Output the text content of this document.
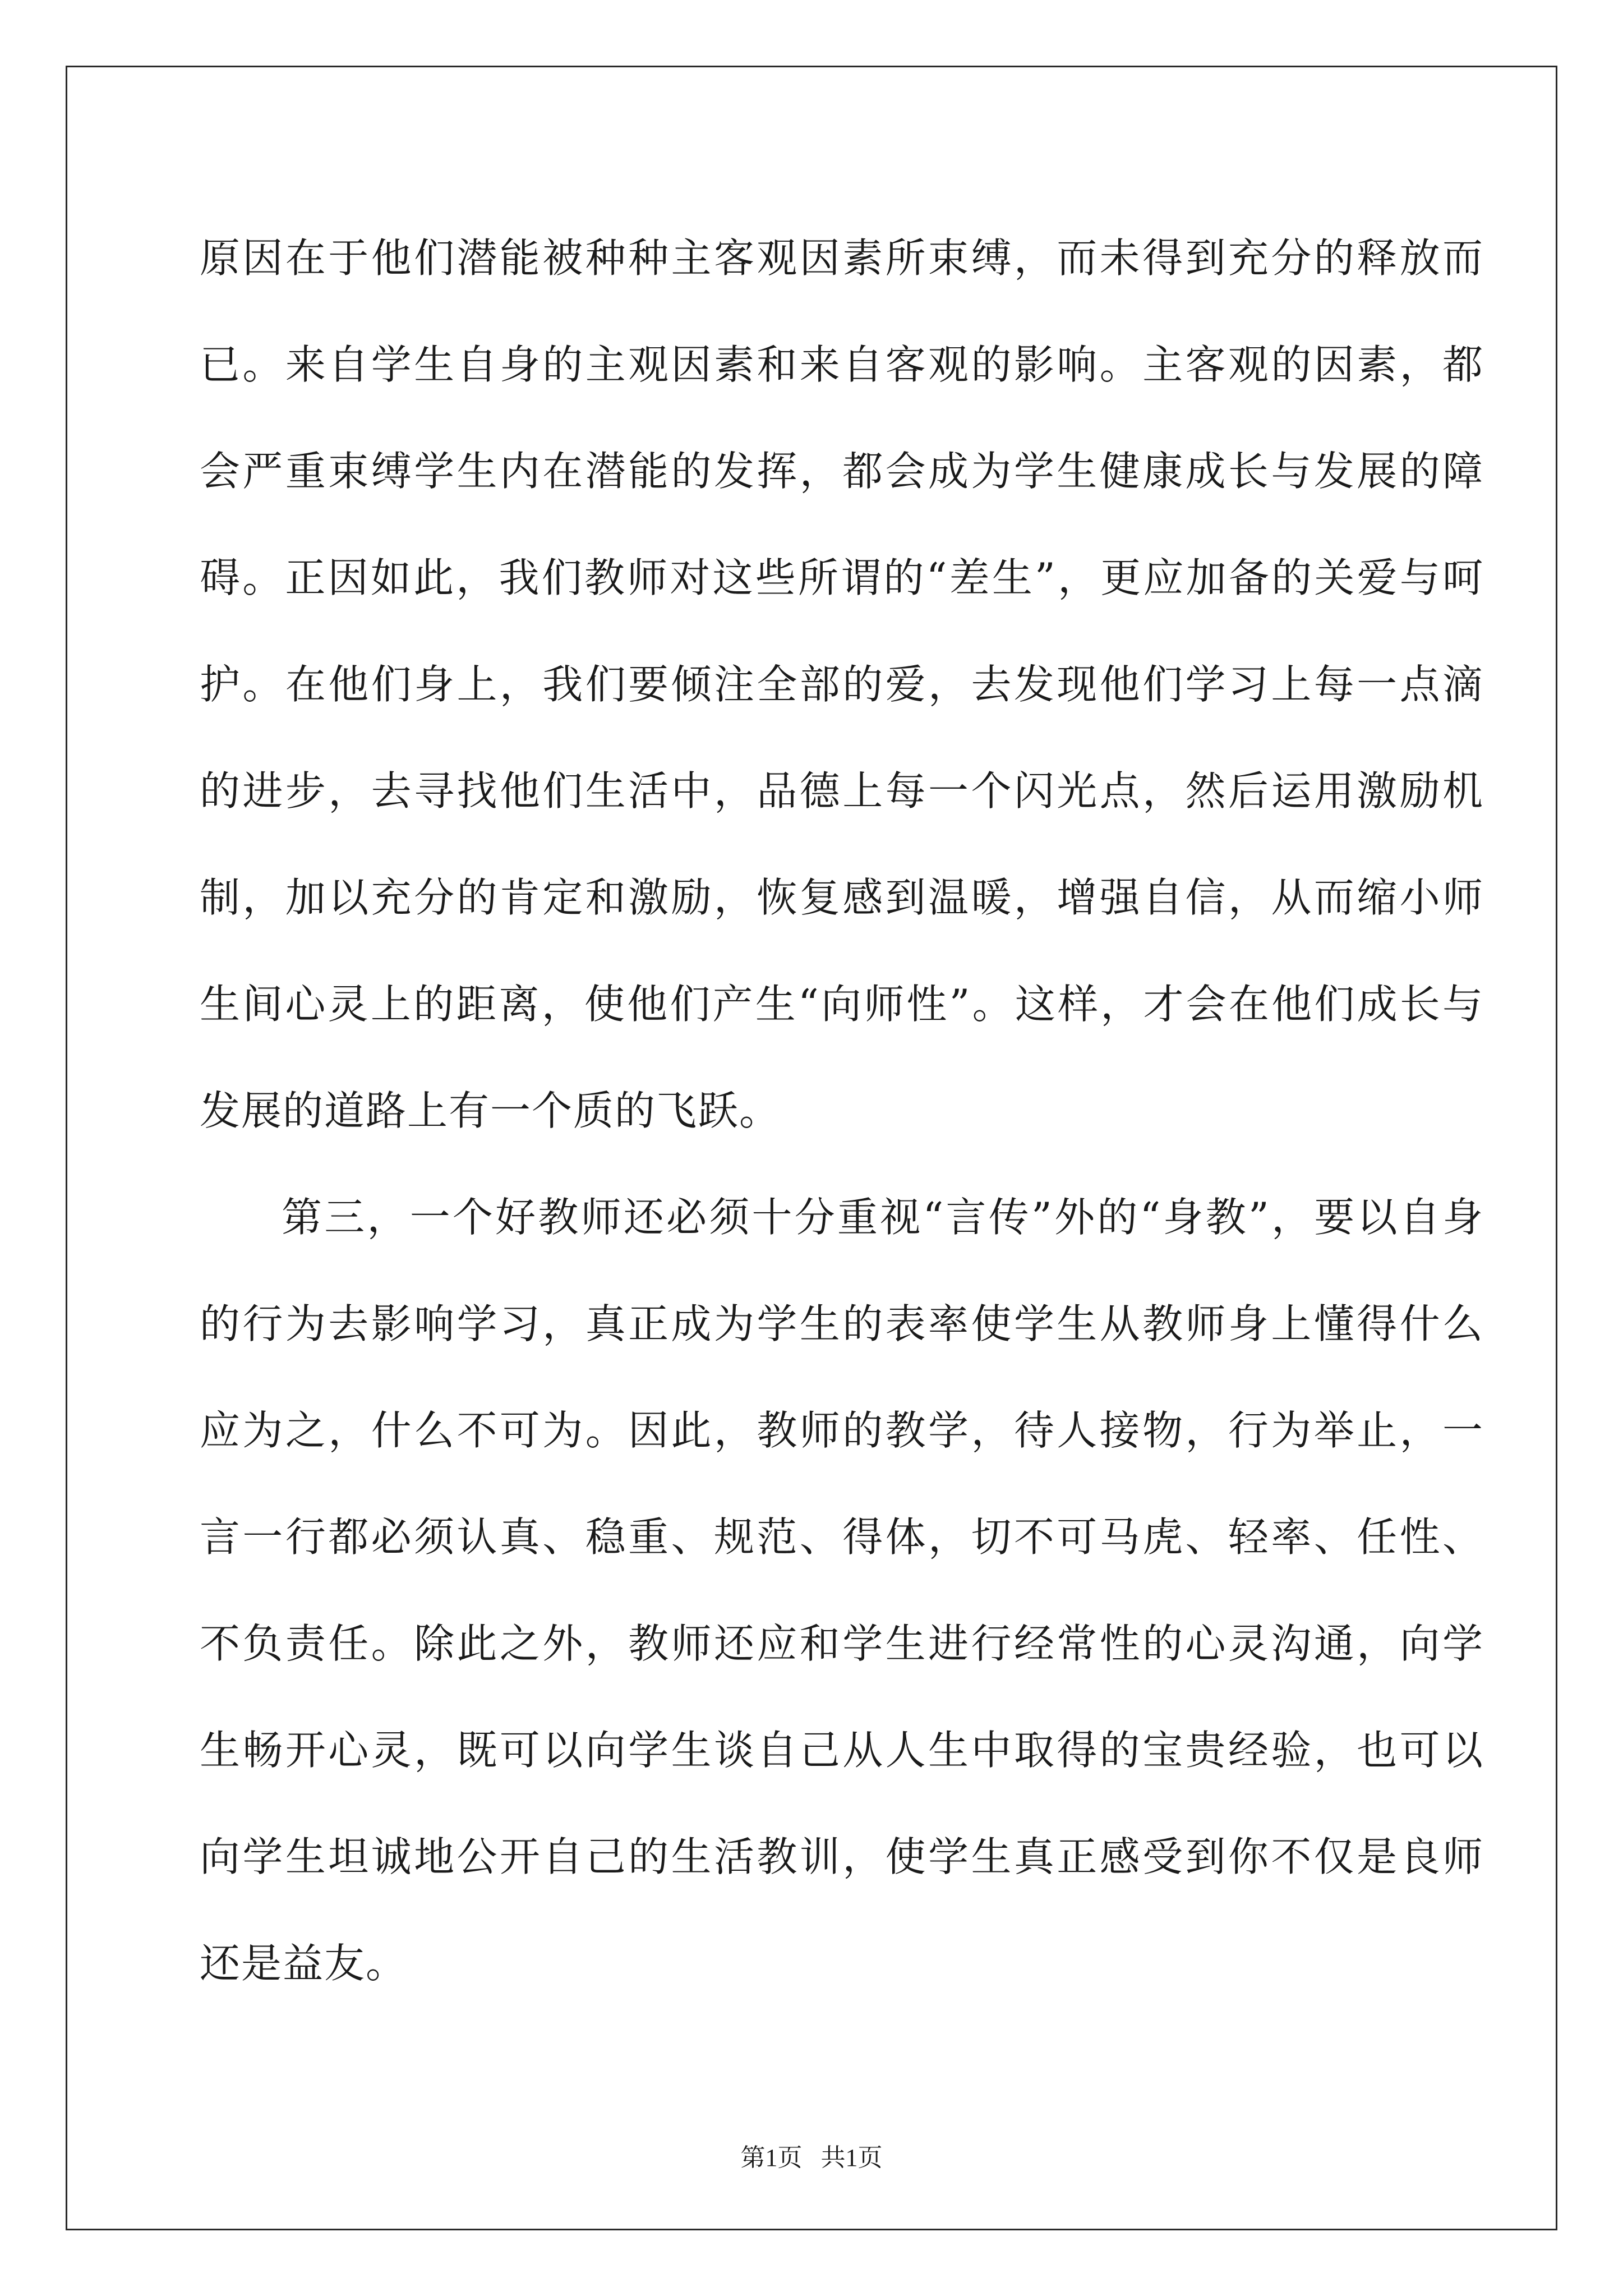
原因在于他们潜能被种种主客观因素所束缚，而未得到充分的释放而已。来自学生自身的主观因素和来自客观的影响。主客观的因素，都会严重束缚学生内在潜能的发挥，都会成为学生健康成长与发展的障碍。正因如此，我们教师对这些所谓的“差生”，更应加备的关爱与呵护。在他们身上，我们要倾注全部的爱，去发现他们学习上每一点滴的进步，去寻找他们生活中，品德上每一个闪光点，然后运用激励机制，加以充分的肯定和激励，恢复感到温暖，增强自信，从而缩小师生间心灵上的距离，使他们产生“向师性”。这样，才会在他们成长与发展的道路上有一个质的飞跃。

第三，一个好教师还必须十分重视“言传”外的“身教”，要以自身的行为去影响学习，真正成为学生的表率使学生从教师身上懂得什么应为之，什么不可为。因此，教师的教学，待人接物，行为举止，一言一行都必须认真、稳重、规范、得体，切不可马虎、轻率、任性、不负责任。除此之外，教师还应和学生进行经常性的心灵沟通，向学生畅开心灵，既可以向学生谈自己从人生中取得的宝贵经验，也可以向学生坦诚地公开自己的生活教训，使学生真正感受到你不仅是良师还是益友。

第1页   共1页
